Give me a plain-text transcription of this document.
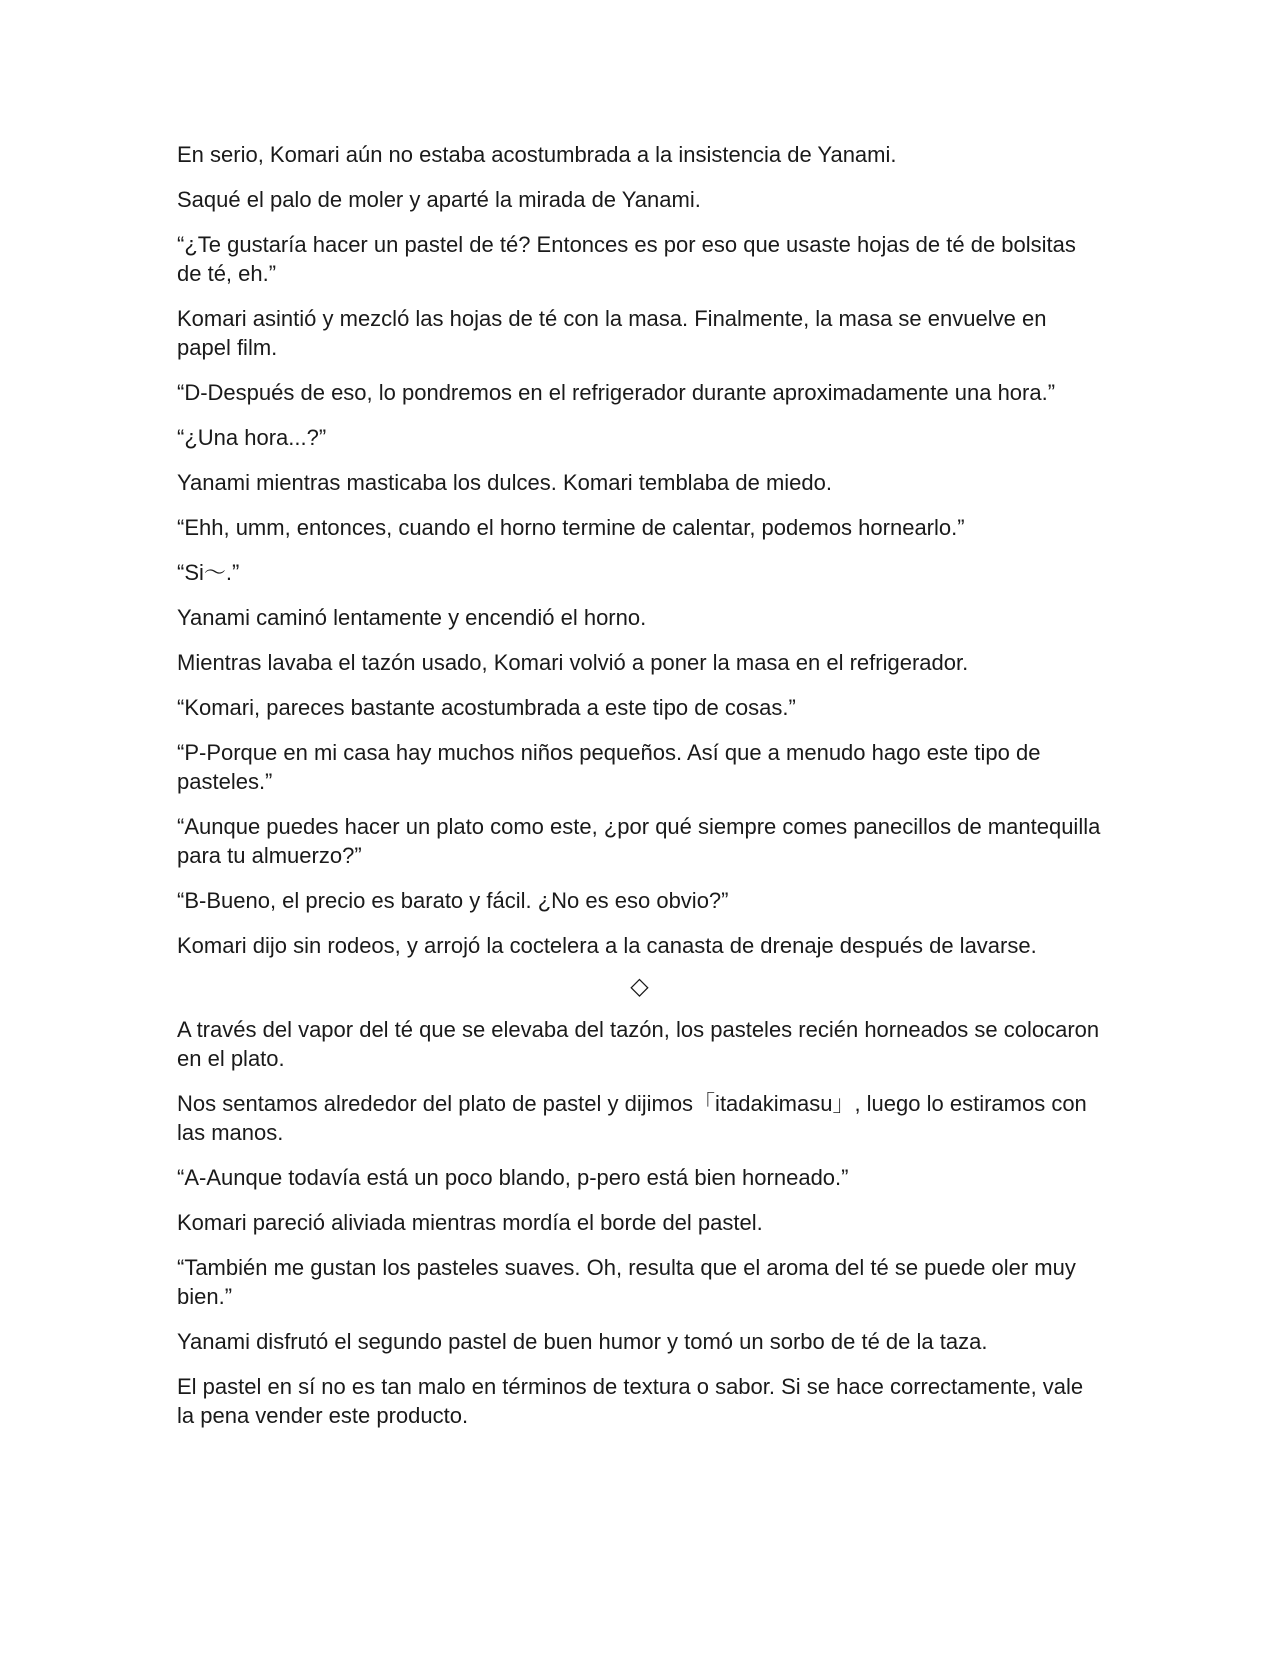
En serio, Komari aún no estaba acostumbrada a la insistencia de Yanami.

Saqué el palo de moler y aparté la mirada de Yanami.

“¿Te gustaría hacer un pastel de té? Entonces es por eso que usaste hojas de té de bolsitas de té, eh.”

Komari asintió y mezcló las hojas de té con la masa. Finalmente, la masa se envuelve en papel film.

“D-Después de eso, lo pondremos en el refrigerador durante aproximadamente una hora.”

“¿Una hora...?”

Yanami mientras masticaba los dulces. Komari temblaba de miedo.

“Ehh, umm, entonces, cuando el horno termine de calentar, podemos hornearlo.”

“Si～.”

Yanami caminó lentamente y encendió el horno.

Mientras lavaba el tazón usado, Komari volvió a poner la masa en el refrigerador.

“Komari, pareces bastante acostumbrada a este tipo de cosas.”

“P-Porque en mi casa hay muchos niños pequeños. Así que a menudo hago este tipo de pasteles.”

“Aunque puedes hacer un plato como este, ¿por qué siempre comes panecillos de mantequilla para tu almuerzo?”

“B-Bueno, el precio es barato y fácil. ¿No es eso obvio?”

Komari dijo sin rodeos, y arrojó la coctelera a la canasta de drenaje después de lavarse.

◇

A través del vapor del té que se elevaba del tazón, los pasteles recién horneados se colocaron en el plato.

Nos sentamos alrededor del plato de pastel y dijimos「itadakimasu」, luego lo estiramos con las manos.

“A-Aunque todavía está un poco blando, p-pero está bien horneado.”

Komari pareció aliviada mientras mordía el borde del pastel.

“También me gustan los pasteles suaves. Oh, resulta que el aroma del té se puede oler muy bien.”

Yanami disfrutó el segundo pastel de buen humor y tomó un sorbo de té de la taza.

El pastel en sí no es tan malo en términos de textura o sabor. Si se hace correctamente, vale la pena vender este producto.
